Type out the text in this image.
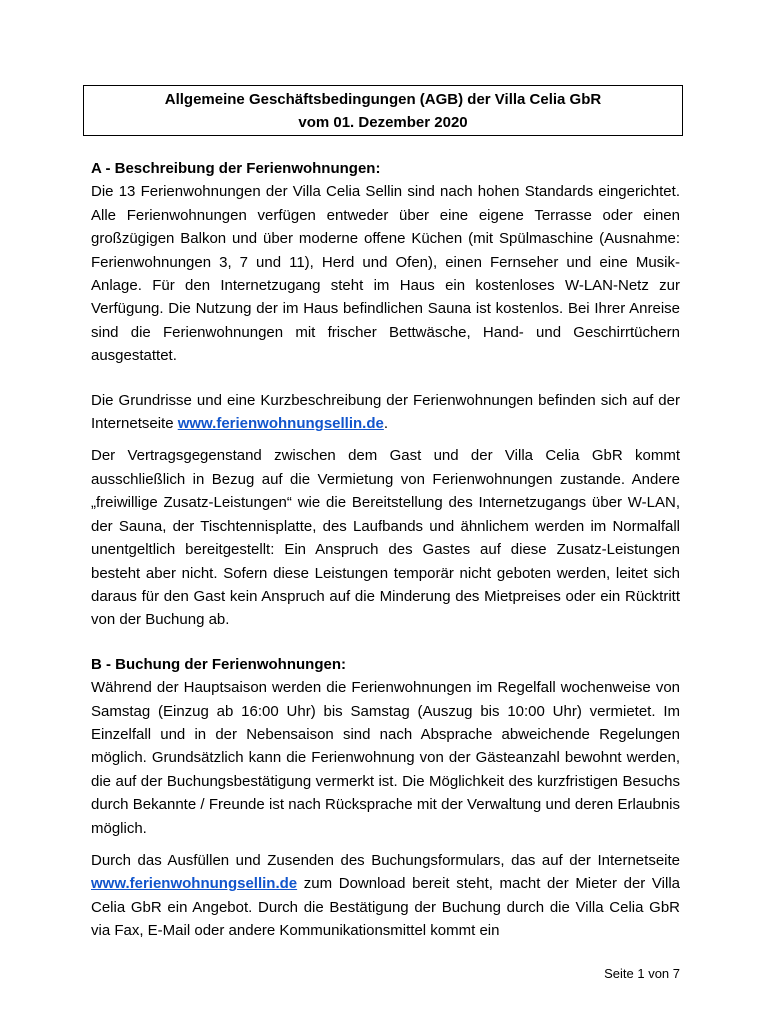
Allgemeine Geschäftsbedingungen (AGB) der Villa Celia GbR
vom 01. Dezember 2020
A - Beschreibung der Ferienwohnungen:

Die 13 Ferienwohnungen der Villa Celia Sellin sind nach hohen Standards eingerichtet. Alle Ferienwohnungen verfügen entweder über eine eigene Terrasse oder einen großzügigen Balkon und über moderne offene Küchen (mit Spülmaschine (Ausnahme: Ferienwohnungen 3, 7 und 11), Herd und Ofen), einen Fernseher und eine Musik-Anlage. Für den Internetzugang steht im Haus ein kostenloses W-LAN-Netz zur Verfügung. Die Nutzung der im Haus befindlichen Sauna ist kostenlos. Bei Ihrer Anreise sind die Ferienwohnungen mit frischer Bettwäsche, Hand- und Geschirrtüchern ausgestattet.

Die Grundrisse und eine Kurzbeschreibung der Ferienwohnungen befinden sich auf der Internetseite www.ferienwohnungsellin.de.

Der Vertragsgegenstand zwischen dem Gast und der Villa Celia GbR kommt ausschließlich in Bezug auf die Vermietung von Ferienwohnungen zustande. Andere „freiwillige Zusatz-Leistungen“ wie die Bereitstellung des Internetzugangs über W-LAN, der Sauna, der Tischtennisplatte, des Laufbands und ähnlichem werden im Normalfall unentgeltlich bereitgestellt: Ein Anspruch des Gastes auf diese Zusatz-Leistungen besteht aber nicht. Sofern diese Leistungen temporär nicht geboten werden, leitet sich daraus für den Gast kein Anspruch auf die Minderung des Mietpreises oder ein Rücktritt von der Buchung ab.

B - Buchung der Ferienwohnungen:

Während der Hauptsaison werden die Ferienwohnungen im Regelfall wochenweise von Samstag (Einzug ab 16:00 Uhr) bis Samstag (Auszug bis 10:00 Uhr) vermietet. Im Einzelfall und in der Nebensaison sind nach Absprache abweichende Regelungen möglich. Grundsätzlich kann die Ferienwohnung von der Gästeanzahl bewohnt werden, die auf der Buchungsbestätigung vermerkt ist. Die Möglichkeit des kurzfristigen Besuchs durch Bekannte / Freunde ist nach Rücksprache mit der Verwaltung und deren Erlaubnis möglich.

Durch das Ausfüllen und Zusenden des Buchungsformulars, das auf der Internetseite www.ferienwohnungsellin.de zum Download bereit steht, macht der Mieter der Villa Celia GbR ein Angebot. Durch die Bestätigung der Buchung durch die Villa Celia GbR via Fax, E-Mail oder andere Kommunikationsmittel kommt ein

Seite 1 von 7
